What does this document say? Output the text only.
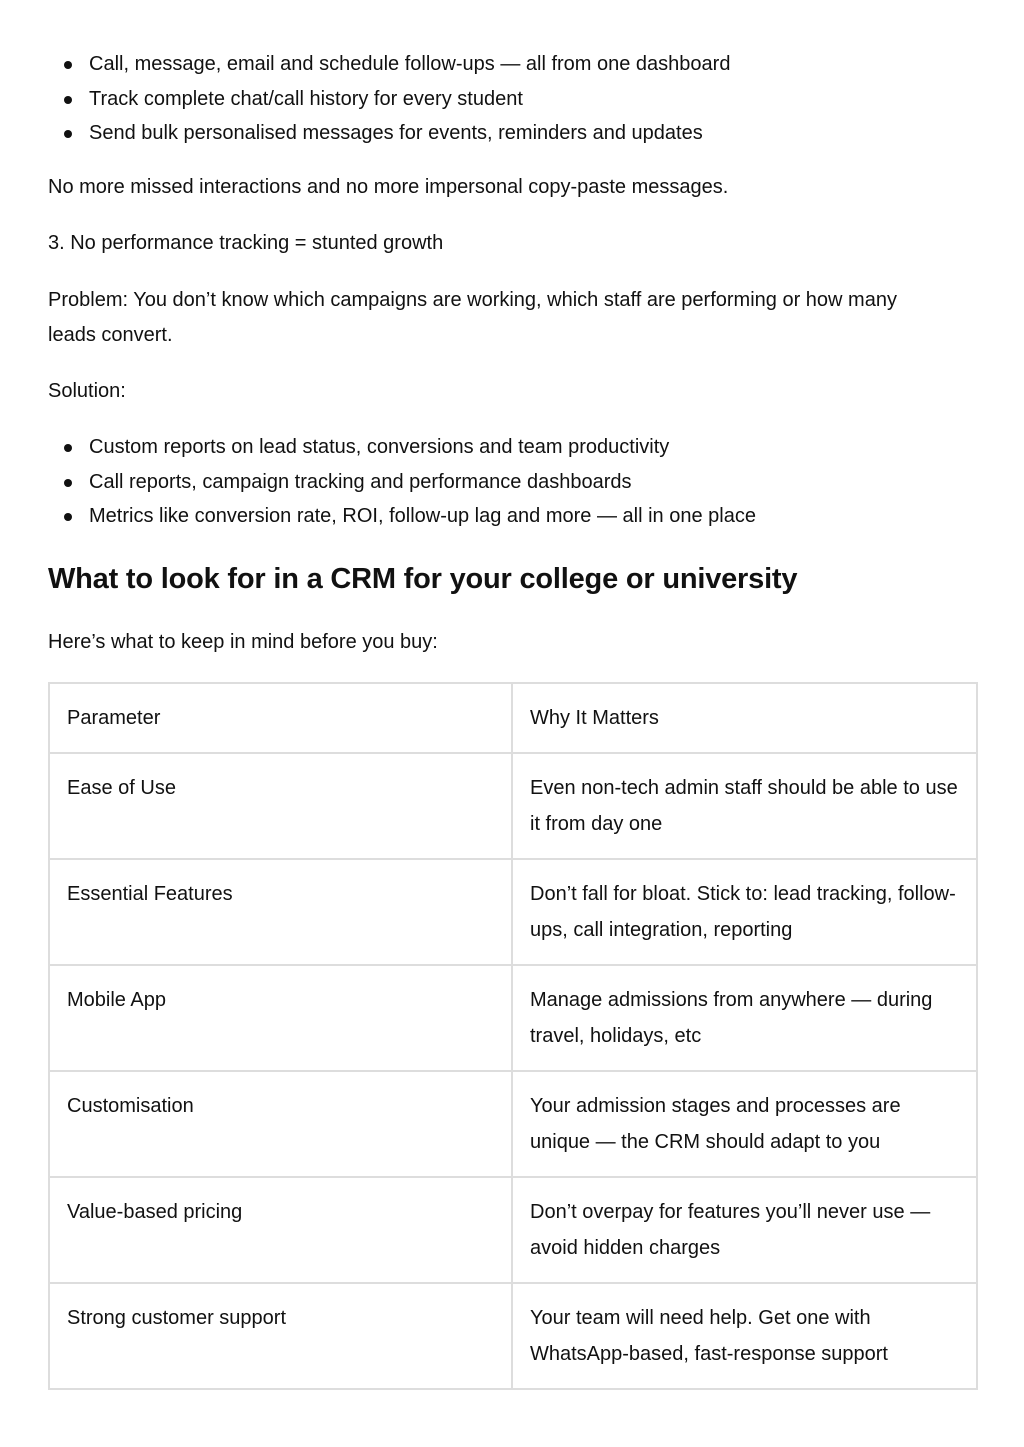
Call, message, email and schedule follow-ups — all from one dashboard
Track complete chat/call history for every student
Send bulk personalised messages for events, reminders and updates

No more missed interactions and no more impersonal copy-paste messages.

3. No performance tracking = stunted growth

Problem: You don’t know which campaigns are working, which staff are performing or how many leads convert.

Solution:

Custom reports on lead status, conversions and team productivity
Call reports, campaign tracking and performance dashboards
Metrics like conversion rate, ROI, follow-up lag and more — all in one place
What to look for in a CRM for your college or university

Here’s what to keep in mind before you buy:

Parameter	Why It Matters
Ease of Use	Even non-tech admin staff should be able to use it from day one
Essential Features	Don’t fall for bloat. Stick to: lead tracking, follow-ups, call integration, reporting
Mobile App	Manage admissions from anywhere — during travel, holidays, etc
Customisation	Your admission stages and processes are unique — the CRM should adapt to you
Value-based pricing	Don’t overpay for features you’ll never use — avoid hidden charges
Strong customer support	Your team will need help. Get one with WhatsApp-based, fast-response support
